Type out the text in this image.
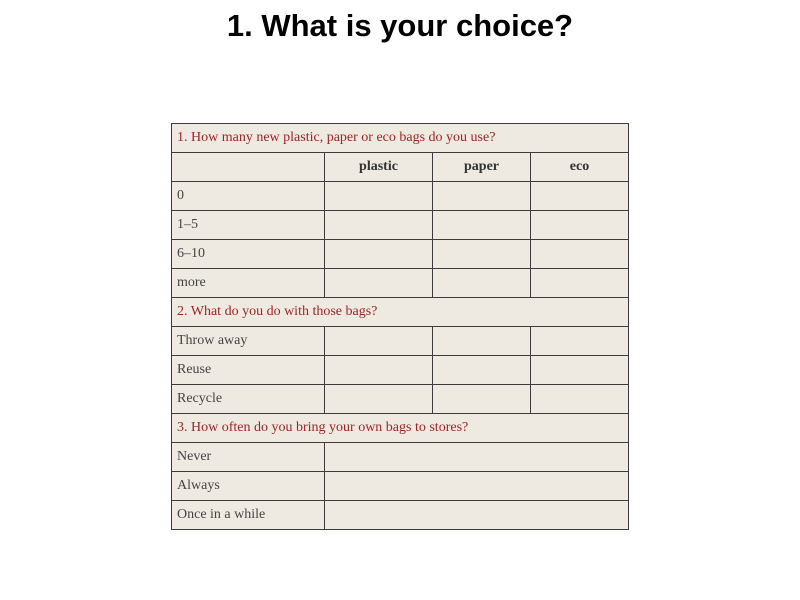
1. What is your choice?
1. How many new plastic, paper or eco bags do you use?			
	plastic	paper	eco
0			
1–5			
6–10			
more			
2. What do you do with those bags?			
Throw away			
Reuse			
Recycle			
3. How often do you bring your own bags to stores?			
Never			
Always			
Once in a while			
